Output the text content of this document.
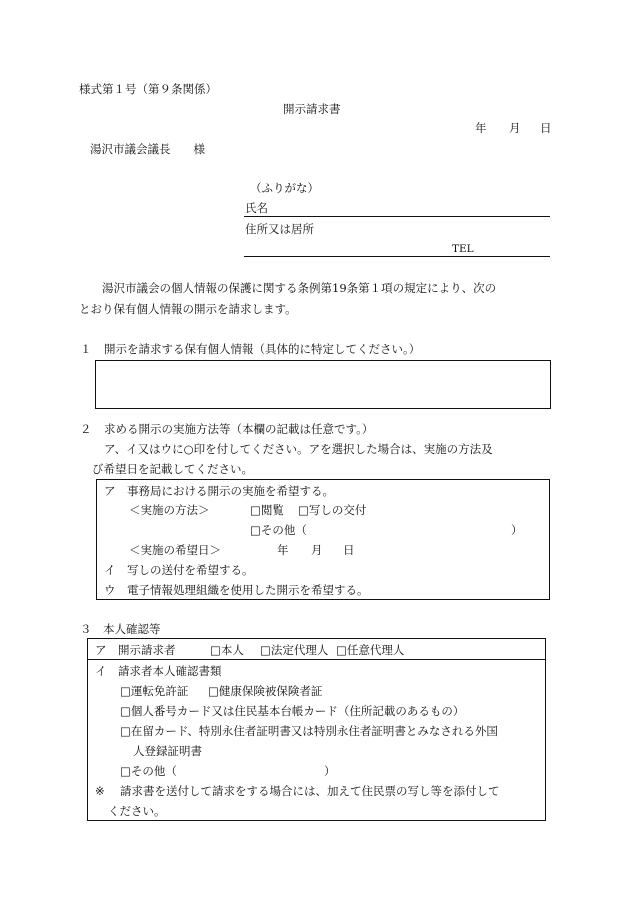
様式第１号（第９条関係）
開示請求書
年 月 日
湯沢市議会議長　　様
（ふりがな）
氏名
住所又は居所
TEL
湯沢市議会の個人情報の保護に関する条例第19条第１項の規定により、次の
とおり保有個人情報の開示を請求します。
１ 開示を請求する保有個人情報（具体的に特定してください。）
２ 求める開示の実施方法等（本欄の記載は任意です。）
ア、イ又はウに○印を付してください。アを選択した場合は、実施の方法及
び希望日を記載してください。
ア　事務局における開示の実施を希望する。
＜実施の方法＞	□閲覧 □写しの交付
□その他（	）
＜実施の希望日＞	年 月 日
イ　写しの送付を希望する。
ウ　電子情報処理組織を使用した開示を希望する。
３　本人確認等
ア　開示請求者	□本人 □法定代理人 □任意代理人
イ　請求者本人確認書類
□運転免許証 □健康保険被保険者証
□個人番号カード又は住民基本台帳カード（住所記載のあるもの）
□在留カード、特別永住者証明書又は特別永住者証明書とみなされる外国
人登録証明書
□その他（	）
※ 請求書を送付して請求をする場合には、加えて住民票の写し等を添付して
ください。
